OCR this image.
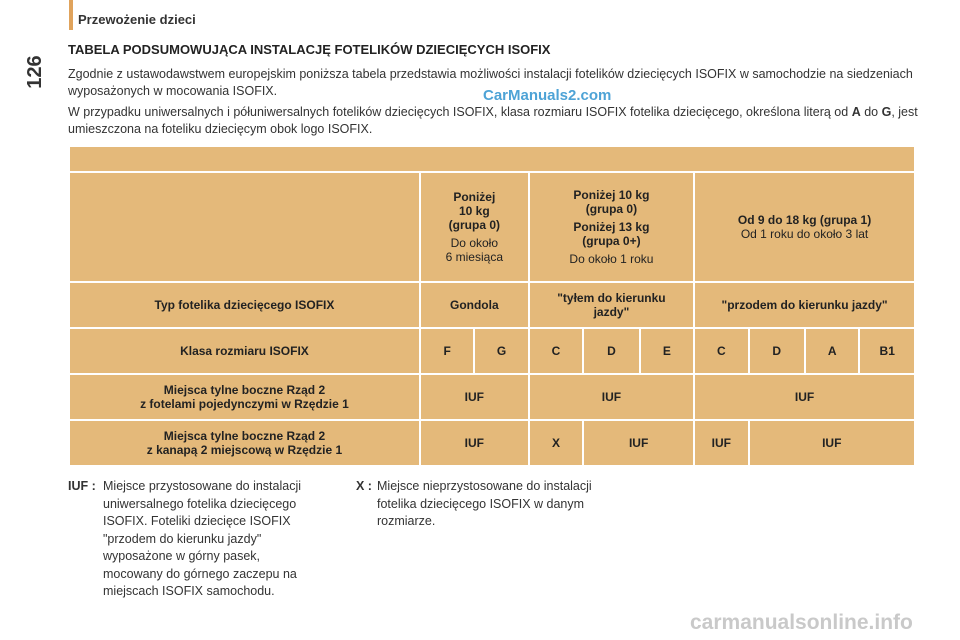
Przewożenie dzieci
126
TABELA PODSUMOWUJĄCA INSTALACJĘ FOTELIKÓW DZIECIĘCYCH ISOFIX
Zgodnie z ustawodawstwem europejskim poniższa tabela przedstawia możliwości instalacji fotelików dziecięcych ISOFIX w samochodzie na siedzeniach wyposażonych w mocowania ISOFIX.
W przypadku uniwersalnych i półuniwersalnych fotelików dziecięcych ISOFIX, klasa rozmiaru ISOFIX fotelika dziecięcego, określona literą od A do G, jest umieszczona na foteliku dziecięcym obok logo ISOFIX.
CarManuals2.com

	Poniżej
10 kg
(grupa 0)
Do około
6 miesiąca		Poniżej 10 kg
(grupa 0)
Poniżej 13 kg
(grupa 0+)
Do około 1 roku			Od 9 do 18 kg (grupa 1)
Od 1 roku do około 3 lat			

Typ fotelika dziecięcego ISOFIX	Gondola		"tyłem do kierunku
jazdy"			"przodem do kierunku jazdy"			

Klasa rozmiaru ISOFIX	F	G	C	D	E	C	D	A	B1

Miejsca tylne boczne Rząd 2
z fotelami pojedynczymi w Rzędzie 1	IUF		IUF			IUF			

Miejsca tylne boczne Rząd 2
z kanapą 2 miejscową w Rzędzie 1	IUF		X	IUF		IUF	IUF		
IUF : Miejsce przystosowane do instalacji
uniwersalnego fotelika dziecięcego
ISOFIX. Foteliki dziecięce ISOFIX
"przodem do kierunku jazdy"
wyposażone w górny pasek,
mocowany do górnego zaczepu na
miejscach ISOFIX samochodu.
X : Miejsce nieprzystosowane do instalacji
fotelika dziecięcego ISOFIX w danym
rozmiarze.
carmanualsonline.info
